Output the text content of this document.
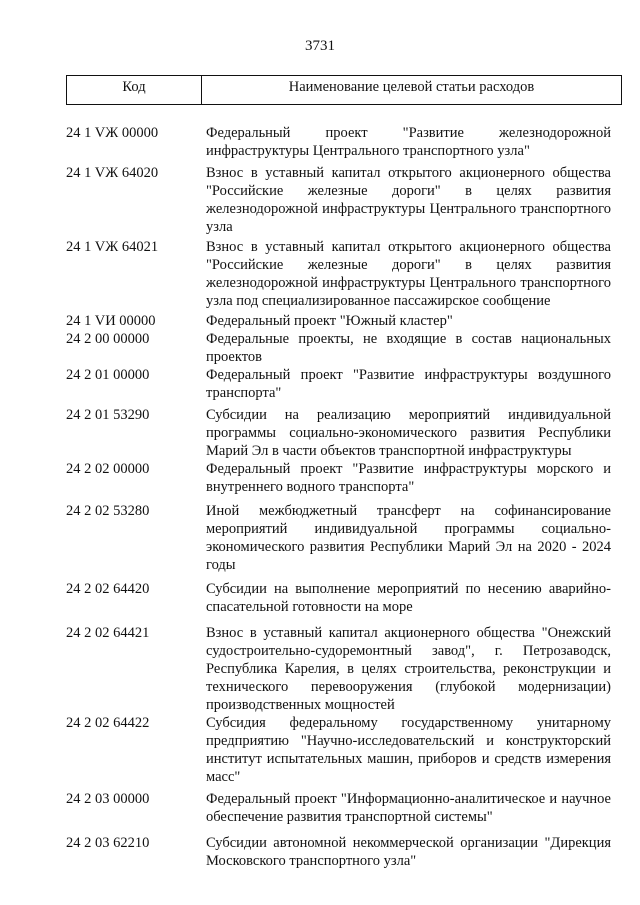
3731
Код	Наименование целевой статьи расходов
24 1 VЖ 00000	Федеральный проект "Развитие железнодорожной инфраструктуры Центрального транспортного узла"
24 1 VЖ 64020	Взнос в уставный капитал открытого акционерного общества "Российские железные дороги" в целях развития железнодорожной инфраструктуры Центрального транспортного узла
24 1 VЖ 64021	Взнос в уставный капитал открытого акционерного общества "Российские железные дороги" в целях развития железнодорожной инфраструктуры Центрального транспортного узла под специализированное пассажирское сообщение
24 1 VИ 00000	Федеральный проект "Южный кластер"
24 2 00 00000	Федеральные проекты, не входящие в состав национальных проектов
24 2 01 00000	Федеральный проект "Развитие инфраструктуры воздушного транспорта"
24 2 01 53290	Субсидии на реализацию мероприятий индивидуальной программы социально-экономического развития Республики Марий Эл в части объектов транспортной инфраструктуры
24 2 02 00000	Федеральный проект "Развитие инфраструктуры морского и внутреннего водного транспорта"
24 2 02 53280	Иной межбюджетный трансферт на софинансирование мероприятий индивидуальной программы социально-экономического развития Республики Марий Эл на 2020 - 2024 годы
24 2 02 64420	Субсидии на выполнение мероприятий по несению аварийно-спасательной готовности на море
24 2 02 64421	Взнос в уставный капитал акционерного общества "Онежский судостроительно-судоремонтный завод", г. Петрозаводск, Республика Карелия, в целях строительства, реконструкции и технического перевооружения (глубокой модернизации) производственных мощностей
24 2 02 64422	Субсидия федеральному государственному унитарному предприятию "Научно-исследовательский и конструкторский институт испытательных машин, приборов и средств измерения масс"
24 2 03 00000	Федеральный проект "Информационно-аналитическое и научное обеспечение развития транспортной системы"
24 2 03 62210	Субсидии автономной некоммерческой организации "Дирекция Московского транспортного узла"
